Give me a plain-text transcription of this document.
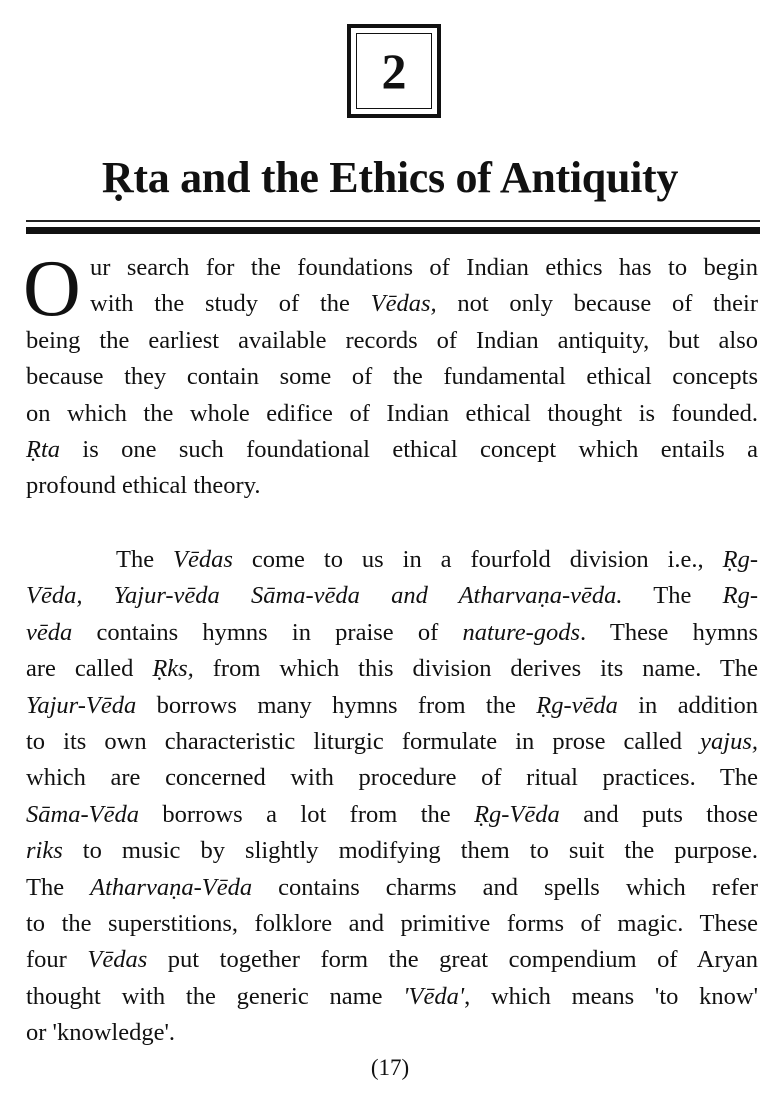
2
Ṛta and the Ethics of Antiquity
O ur search for the foundations of Indian ethics has to begin
with the study of the Vēdas, not only because of their
being the earliest available records of Indian antiquity, but also
because they contain some of the fundamental ethical concepts
on which the whole edifice of Indian ethical thought is founded.
Ṛta is one such foundational ethical concept which entails a
profound ethical theory.
The Vēdas come to us in a fourfold division i.e., Ṛg-
Vēda, Yajur-vēda Sāma-vēda and Atharvaṇa-vēda. The Rg-
vēda contains hymns in praise of nature-gods. These hymns
are called Ṛks, from which this division derives its name. The
Yajur-Vēda borrows many hymns from the Ṛg-vēda in addition
to its own characteristic liturgic formulate in prose called yajus,
which are concerned with procedure of ritual practices. The
Sāma-Vēda borrows a lot from the Ṛg-Vēda and puts those
riks to music by slightly modifying them to suit the purpose.
The Atharvaṇa-Vēda contains charms and spells which refer
to the superstitions, folklore and primitive forms of magic. These
four Vēdas put together form the great compendium of Aryan
thought with the generic name 'Vēda', which means 'to know'
or 'knowledge'.
(17)
